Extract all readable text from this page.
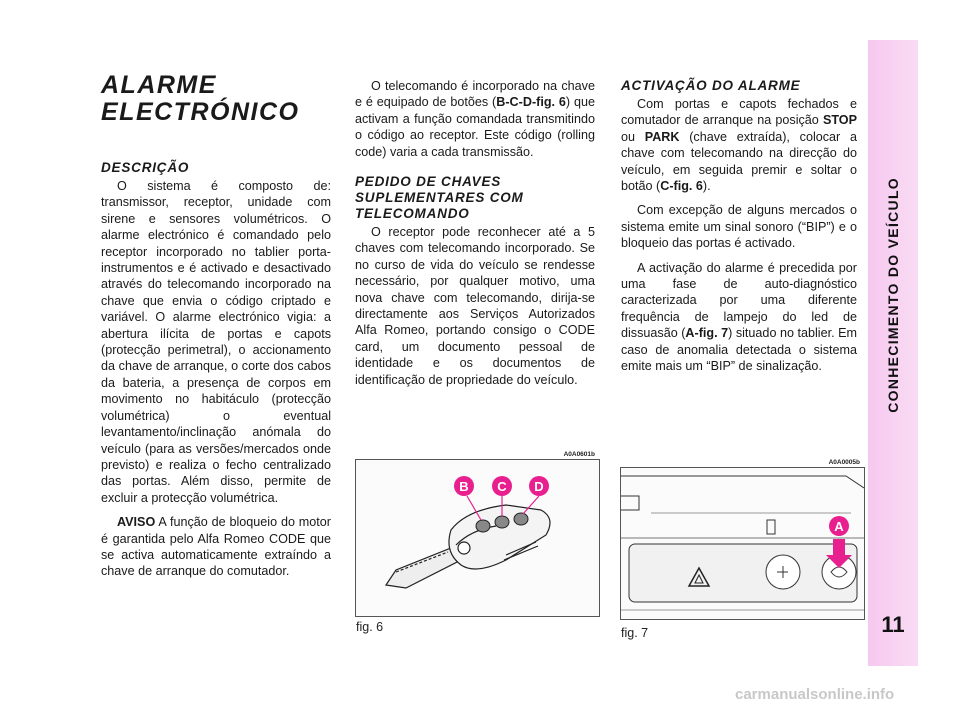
CONHECIMENTO DO VEÍCULO
11
ALARME
ELECTRÓNICO
DESCRIÇÃO

O sistema é composto de: transmissor, receptor, unidade com sirene e sensores volumétricos. O alarme electrónico é comandado pelo receptor incorporado no tablier porta-instrumentos e é activado e desactivado através do telecomando incorporado na chave que envia o código criptado e variável. O alarme electrónico vigia: a abertura ilícita de portas e capots (protecção perimetral), o accionamento da chave de arranque, o corte dos cabos da bateria, a presença de corpos em movimento no habitáculo (protecção volumétrica) o eventual levantamento/inclinação anómala do veículo (para as versões/mercados onde previsto) e realiza o fecho centralizado das portas. Além disso, permite de excluir a protecção volumétrica.

AVISO A função de bloqueio do motor é garantida pelo Alfa Romeo CODE que se activa automaticamente extraíndo a chave de arranque do comutador.

O telecomando é incorporado na chave e é equipado de botões (B-C-D-fig. 6) que activam a função comandada transmitindo o código ao receptor. Este código (rolling code) varia a cada transmissão.

PEDIDO DE CHAVES
SUPLEMENTARES COM
TELECOMANDO

O receptor pode reconhecer até a 5 chaves com telecomando incorporado. Se no curso de vida do veículo se rendesse necessário, por qualquer motivo, uma nova chave com telecomando, dirija-se directamente aos Serviços Autorizados Alfa Romeo, portando consigo o CODE card, um documento pessoal de identidade e os documentos de identificação de propriedade do veículo.

ACTIVAÇÃO DO ALARME

Com portas e capots fechados e comutador de arranque na posição STOP ou PARK (chave extraída), colocar a chave com telecomando na direcção do veículo, em seguida premir e soltar o botão (C-fig. 6).

Com excepção de alguns mercados o sistema emite um sinal sonoro (“BIP”) e o bloqueio das portas é activado.

A activação do alarme é precedida por uma fase de auto-diagnóstico caracterizada por uma diferente frequência de lampejo do led de dissuasão (A-fig. 7) situado no tablier. Em caso de anomalia detectada o sistema emite mais um “BIP” de sinalização.

A0A0601b
B C D
fig. 6
A0A0005b
A
fig. 7
carmanualsonline.info
